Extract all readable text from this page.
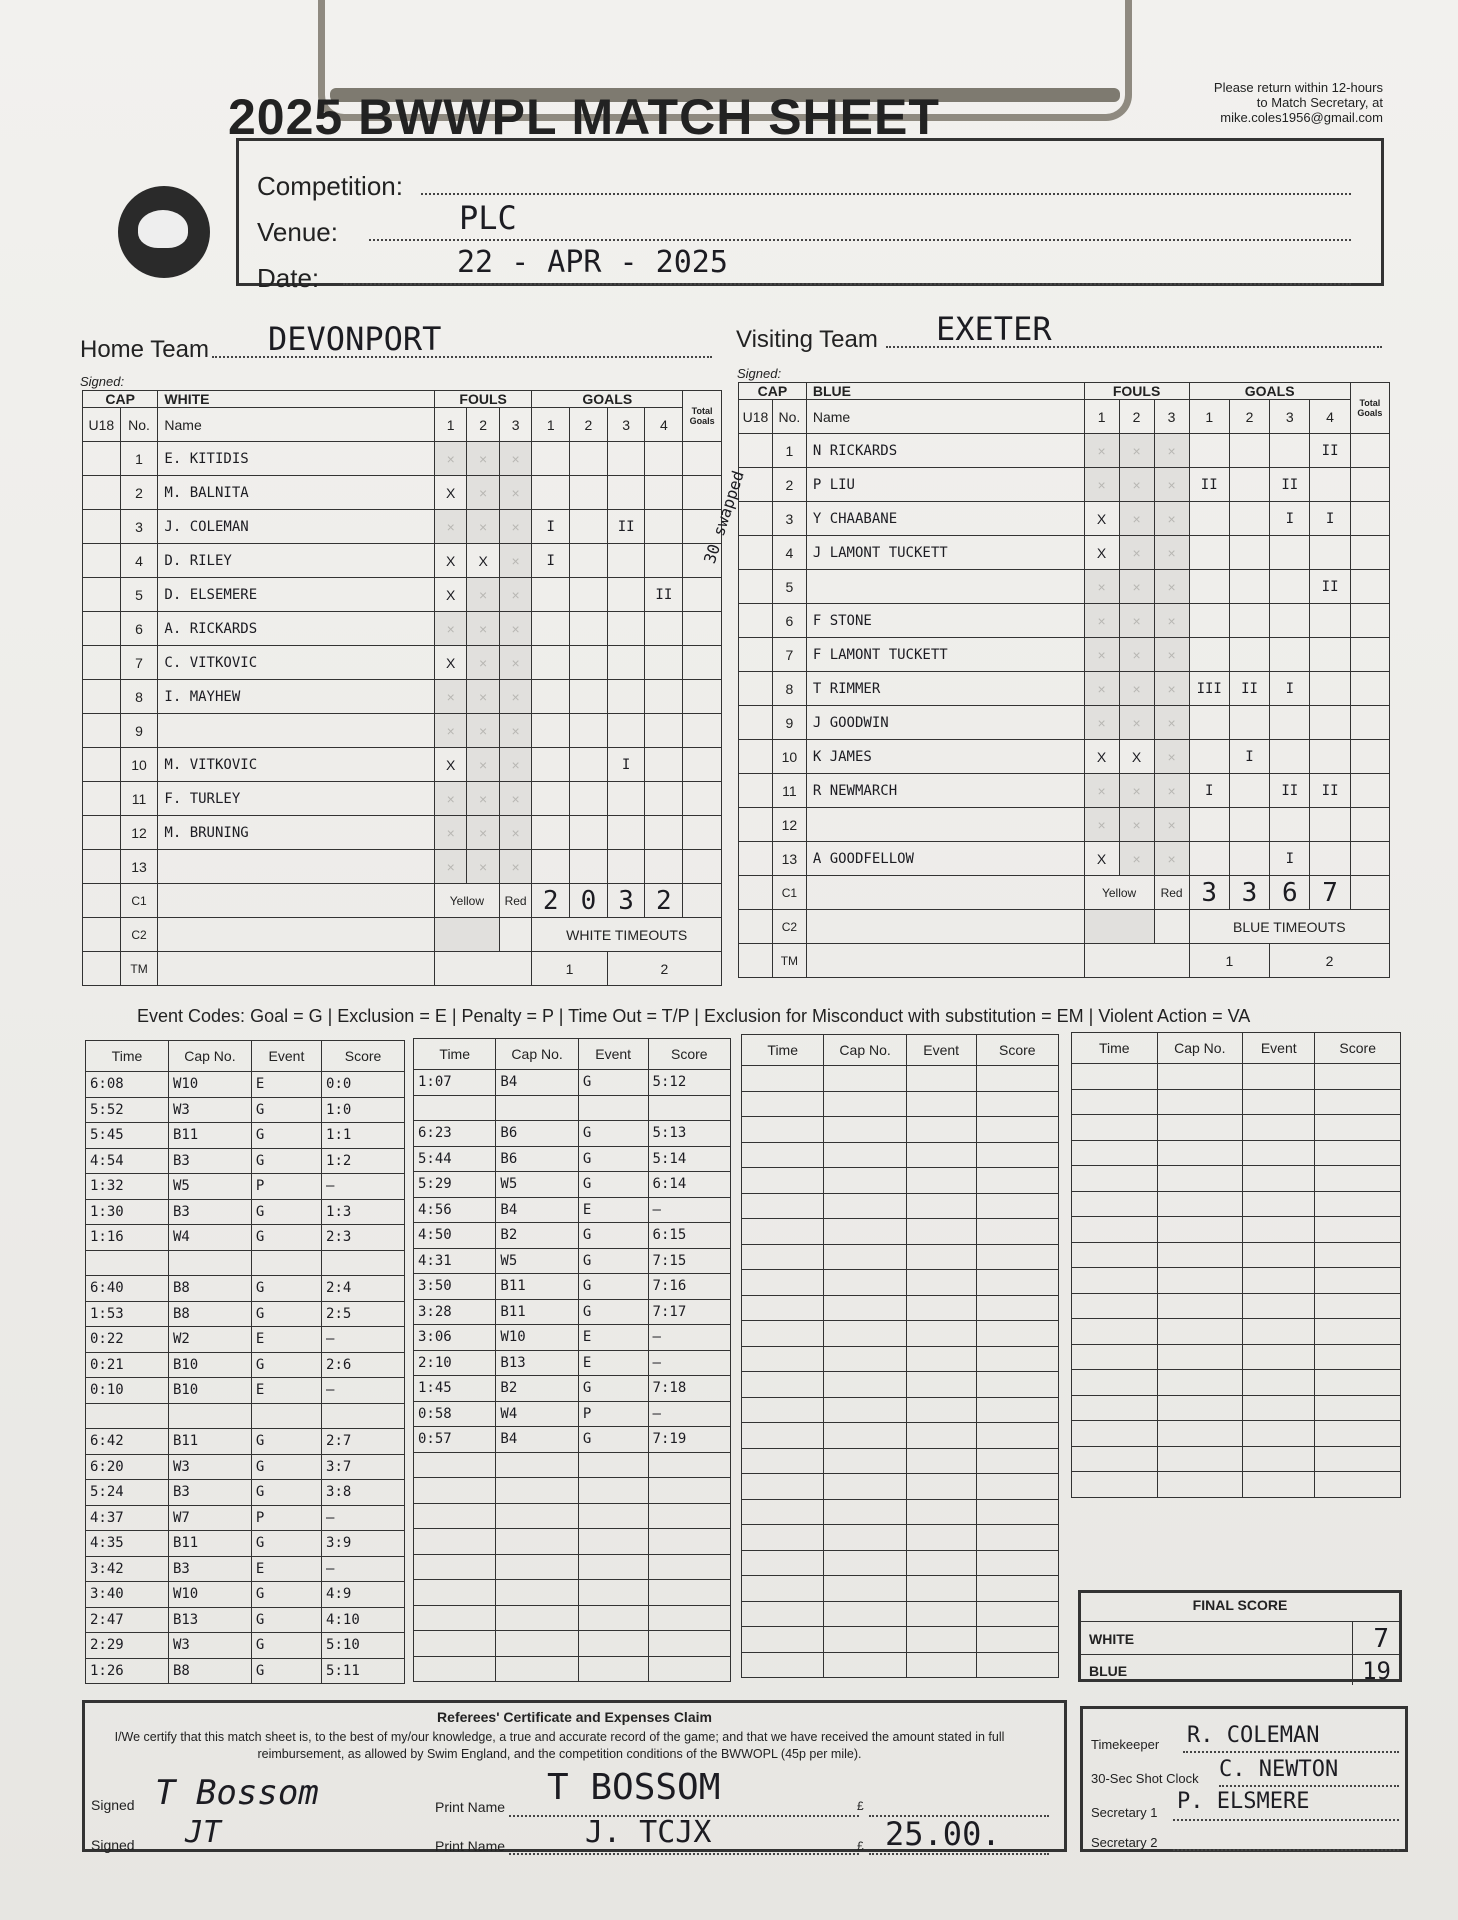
2025 BWWPL MATCH SHEET
Please return within 12-hours
to Match Secretary, at
mike.coles1956@gmail.com
Competition:
Venue:	PLC
Date:	22 - APR - 2025
Home Team DEVONPORT	Visiting Team EXETER
Signed:
Signed:
CAP		WHITE	FOULS			GOALS				Total Goals
U18	No.	Name	1	2	3	1	2	3	4	
	1	E. KITIDIS	×	×	×					
	2	M. BALNITA	X	×	×					
	3	J. COLEMAN	×	×	×	I		II		
	4	D. RILEY	X	X	×	I				
	5	D. ELSEMERE	X	×	×				II	
	6	A. RICKARDS	×	×	×					
	7	C. VITKOVIC	X	×	×					
	8	I. MAYHEW	×	×	×					
	9		×	×	×					
	10	M. VITKOVIC	X	×	×			I		
	11	F. TURLEY	×	×	×					
	12	M. BRUNING	×	×	×					
	13		×	×	×					
	C1		Yellow		Red	2	0	3	2	
	C2					WHITE TIMEOUTS				
	TM					1		2		
CAP		BLUE	FOULS			GOALS				Total Goals
U18	No.	Name	1	2	3	1	2	3	4	
	1	N RICKARDS	×	×	×				II	
	2	P LIU	×	×	×	II		II		
	3	Y CHAABANE	X	×	×			I	I	
	4	J LAMONT TUCKETT	X	×	×					
	5		×	×	×				II	
	6	F STONE	×	×	×					
	7	F LAMONT TUCKETT	×	×	×					
	8	T RIMMER	×	×	×	III	II	I		
	9	J GOODWIN	×	×	×					
	10	K JAMES	X	X	×		I			
	11	R NEWMARCH	×	×	×	I		II	II	
	12		×	×	×					
	13	A GOODFELLOW	X	×	×			I		
	C1		Yellow		Red	3	3	6	7	
	C2					BLUE TIMEOUTS				
	TM					1		2		
30 swapped
Event Codes: Goal = G | Exclusion = E | Penalty = P | Time Out = T/P | Exclusion for Misconduct with substitution = EM | Violent Action = VA
Time	Cap No.	Event	Score
6:08	W10	E	0:0
5:52	W3	G	1:0
5:45	B11	G	1:1
4:54	B3	G	1:2
1:32	W5	P	—
1:30	B3	G	1:3
1:16	W4	G	2:3

6:40	B8	G	2:4
1:53	B8	G	2:5
0:22	W2	E	—
0:21	B10	G	2:6
0:10	B10	E	—

6:42	B11	G	2:7
6:20	W3	G	3:7
5:24	B3	G	3:8
4:37	W7	P	—
4:35	B11	G	3:9
3:42	B3	E	—
3:40	W10	G	4:9
2:47	B13	G	4:10
2:29	W3	G	5:10
1:26	B8	G	5:11
Time	Cap No.	Event	Score
1:07	B4	G	5:12

6:23	B6	G	5:13
5:44	B6	G	5:14
5:29	W5	G	6:14
4:56	B4	E	—
4:50	B2	G	6:15
4:31	W5	G	7:15
3:50	B11	G	7:16
3:28	B11	G	7:17
3:06	W10	E	—
2:10	B13	E	—
1:45	B2	G	7:18
0:58	W4	P	—
0:57	B4	G	7:19

Time	Cap No.	Event	Score

				Time	Cap No.	Event	Score

FINAL SCORE
WHITE	7
BLUE	19
Referees' Certificate and Expenses Claim
I/We certify that this match sheet is, to the best of my/our knowledge, a true and accurate record of the game; and that we have received the amount stated in full reimbursement, as allowed by Swim England, and the competition conditions of the BWWOPL (45p per mile).
Signed T Bossom	Print Name T BOSSOM	£
Signed JT	Print Name	J. TCJX	£ 25.00.
Timekeeper R. COLEMAN
30-Sec Shot Clock C. NEWTON
Secretary 1 P. ELSMERE
Secretary 2
